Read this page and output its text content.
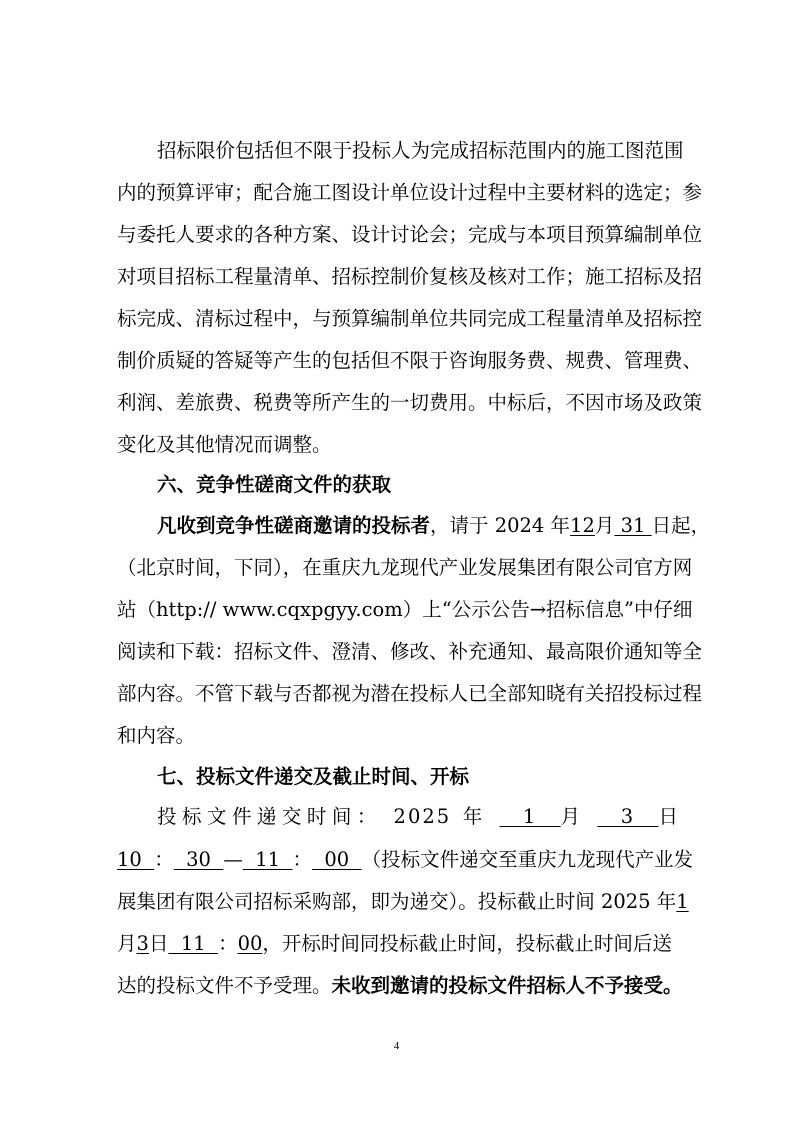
招标限价包括但不限于投标人为完成招标范围内的施工图范围
内的预算评审；配合施工图设计单位设计过程中主要材料的选定；参
与委托人要求的各种方案、设计讨论会；完成与本项目预算编制单位
对项目招标工程量清单、招标控制价复核及核对工作；施工招标及招
标完成、清标过程中，与预算编制单位共同完成工程量清单及招标控
制价质疑的答疑等产生的包括但不限于咨询服务费、规费、管理费、
利润、差旅费、税费等所产生的一切费用。中标后，不因市场及政策
变化及其他情况而调整。
六、竞争性磋商文件的获取
凡收到竞争性磋商邀请的投标者，请于 2024 年12月 31 日起，
（北京时间，下同），在重庆九龙现代产业发展集团有限公司官方网
站（http:// www.cqxpgyy.com）上“公示公告→招标信息”中仔细
阅读和下载：招标文件、澄清、修改、补充通知、最高限价通知等全
部内容。不管下载与否都视为潜在投标人已全部知晓有关招投标过程
和内容。
七、投标文件递交及截止时间、开标
投标文件递交时间： 2025 年   1  月   3  日
10  ：  30  —  11  ：  00  （投标文件递交至重庆九龙现代产业发
展集团有限公司招标采购部，即为递交）。投标截止时间 2025 年1
月3日  11  ：00，开标时间同投标截止时间，投标截止时间后送
达的投标文件不予受理。未收到邀请的投标文件招标人不予接受。
4
